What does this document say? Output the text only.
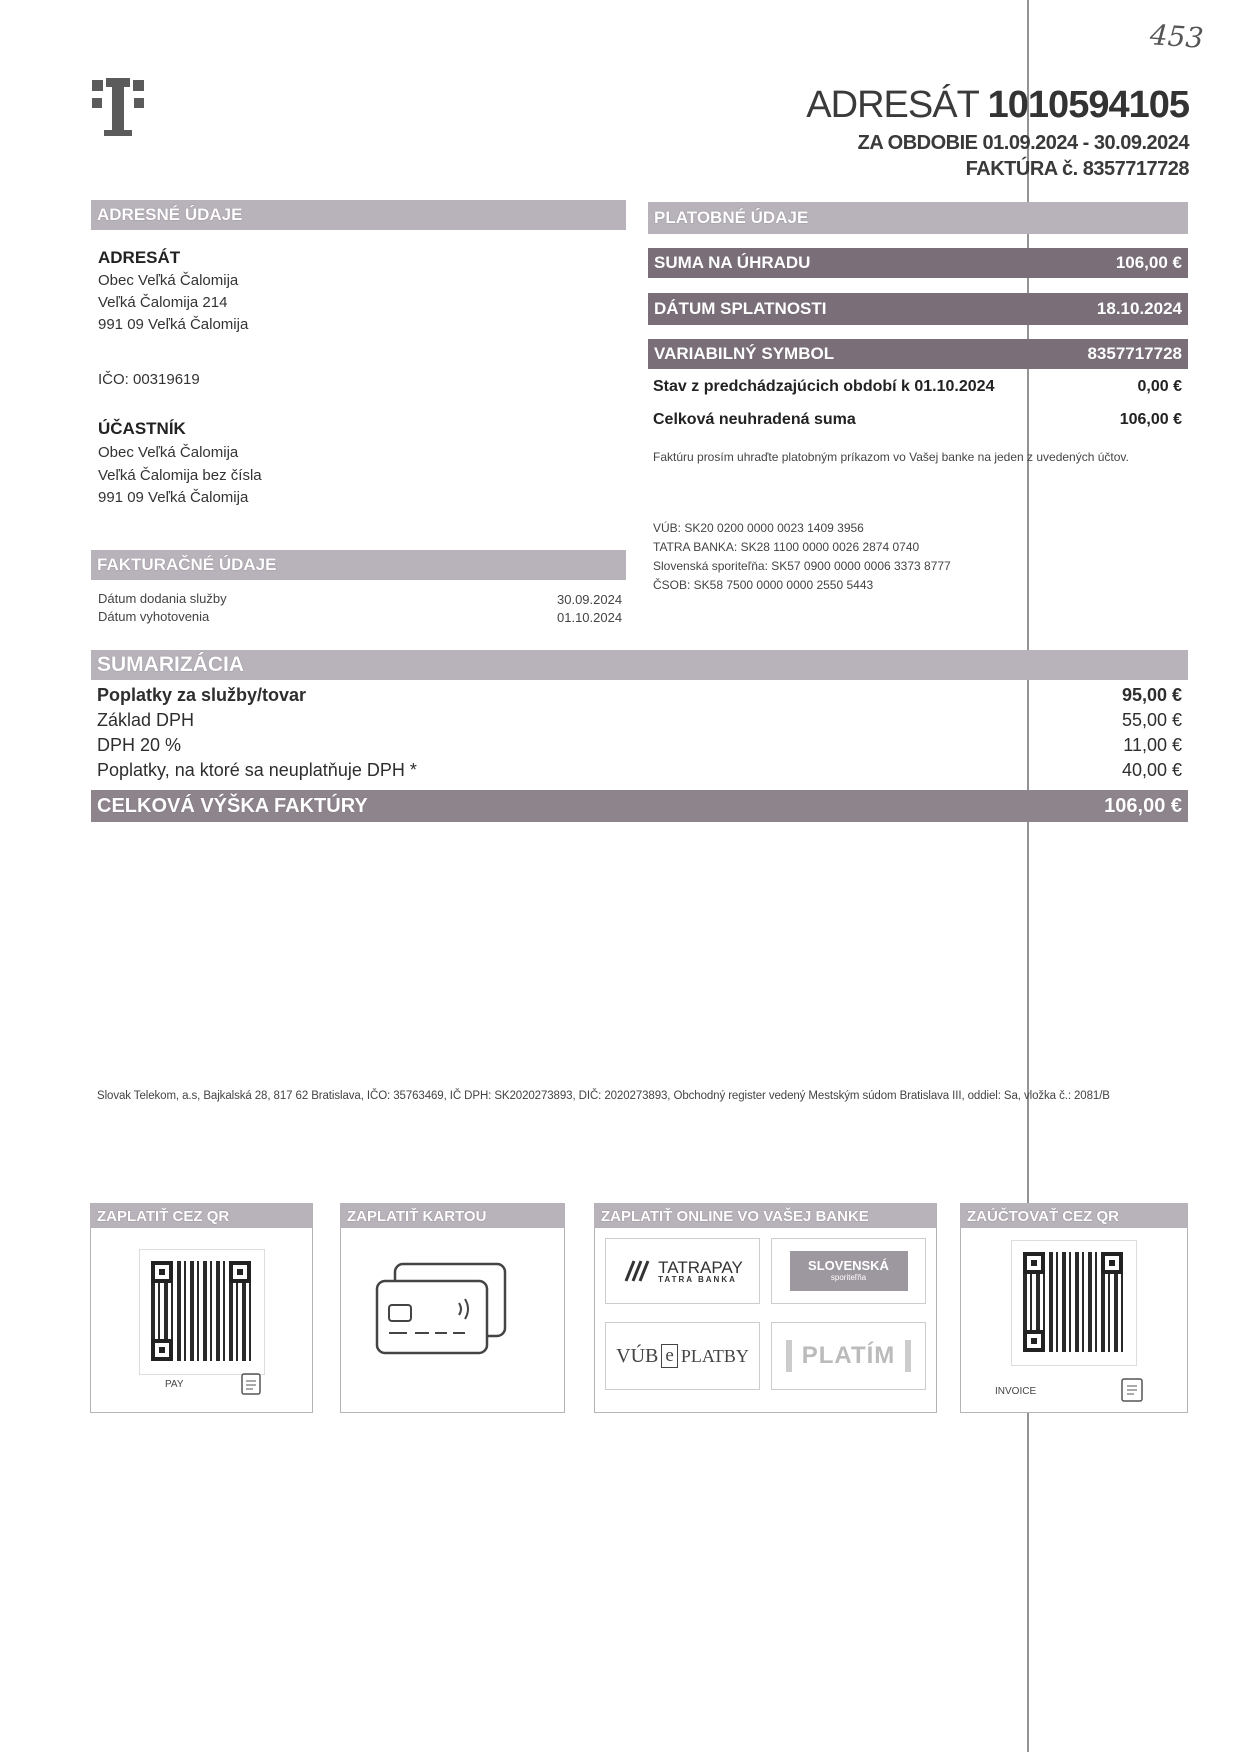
453
ADRESÁT 1010594105
ZA OBDOBIE 01.09.2024 - 30.09.2024
FAKTÚRA č. 8357717728
ADRESNÉ ÚDAJE
ADRESÁT
Obec Veľká Čalomija
Veľká Čalomija 214
991 09 Veľká Čalomija
IČO: 00319619
ÚČASTNÍK
Obec Veľká Čalomija
Veľká Čalomija bez čísla
991 09 Veľká Čalomija
FAKTURAČNÉ ÚDAJE
Dátum dodania služby	30.09.2024
Dátum vyhotovenia	01.10.2024
PLATOBNÉ ÚDAJE
SUMA NA ÚHRADU	106,00 €
DÁTUM SPLATNOSTI	18.10.2024
VARIABILNÝ SYMBOL	8357717728
Stav z predchádzajúcich období k 01.10.2024	0,00 €
Celková neuhradená suma	106,00 €
Faktúru prosím uhraďte platobným príkazom vo Vašej banke na jeden z uvedených účtov.
VÚB: SK20 0200 0000 0023 1409 3956
TATRA BANKA: SK28 1100 0000 0026 2874 0740
Slovenská sporiteľňa: SK57 0900 0000 0006 3373 8777
ČSOB: SK58 7500 0000 0000 2550 5443
SUMARIZÁCIA
Poplatky za služby/tovar	95,00 €
Základ DPH	55,00 €
DPH 20 %	11,00 €
Poplatky, na ktoré sa neuplatňuje DPH *	40,00 €
CELKOVÁ VÝŠKA FAKTÚRY	106,00 €
Slovak Telekom, a.s, Bajkalská 28, 817 62 Bratislava, IČO: 35763469, IČ DPH: SK2020273893, DIČ: 2020273893, Obchodný register vedený Mestským súdom Bratislava III, oddiel: Sa, vložka č.: 2081/B
ZAPLATIŤ CEZ QR
PAY
ZAPLATIŤ KARTOU	ZAPLATIŤ ONLINE VO VAŠEJ BANKE
TATRAPAY
TATRA BANKA
SLOVENSKÁ
sporiteľňa
VÚB e PLATBY	PLATÍM
ZAÚČTOVAŤ CEZ QR
INVOICE
